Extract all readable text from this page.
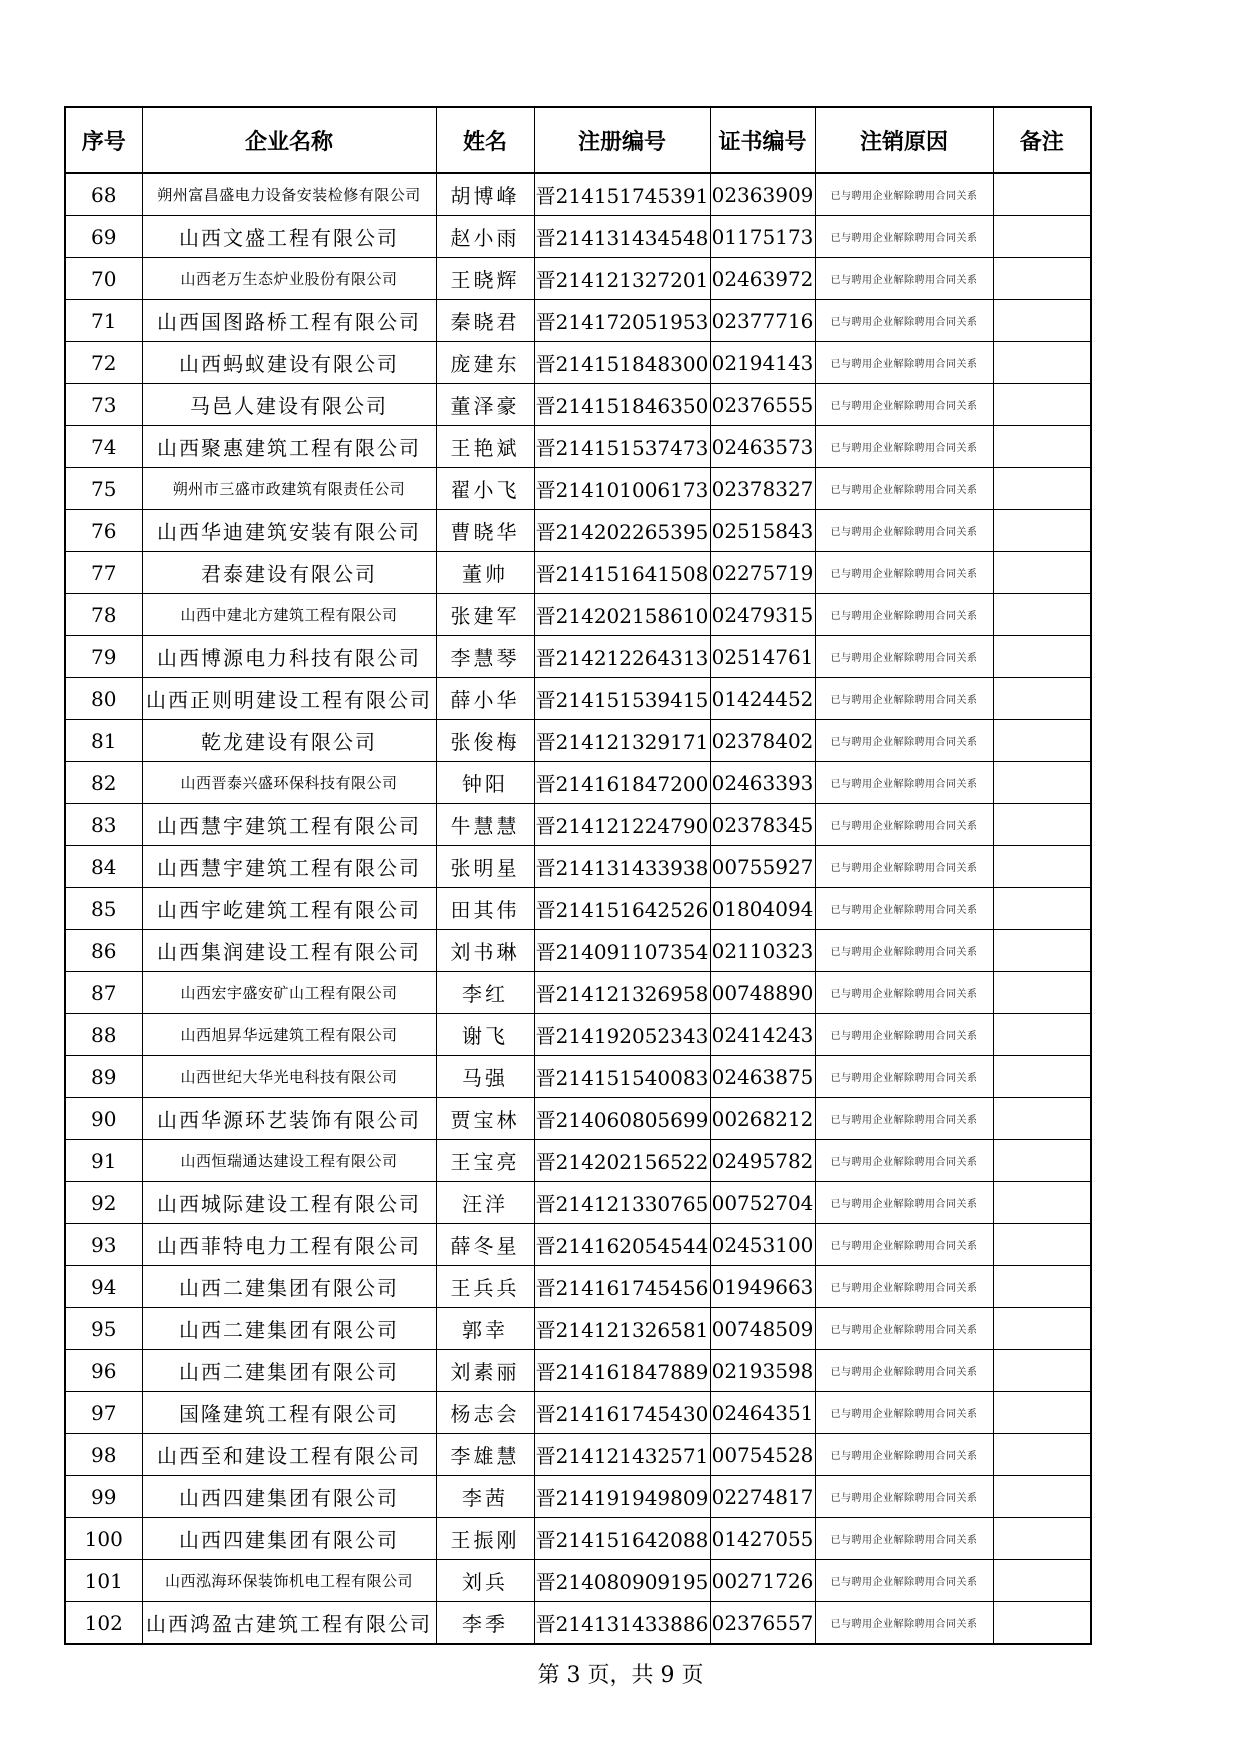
序号	企业名称	姓名	注册编号	证书编号	注销原因	备注
68	朔州富昌盛电力设备安装检修有限公司	胡博峰	晋214151745391	02363909	已与聘用企业解除聘用合同关系	
69	山西文盛工程有限公司	赵小雨	晋214131434548	01175173	已与聘用企业解除聘用合同关系	
70	山西老万生态炉业股份有限公司	王晓辉	晋214121327201	02463972	已与聘用企业解除聘用合同关系	
71	山西国图路桥工程有限公司	秦晓君	晋214172051953	02377716	已与聘用企业解除聘用合同关系	
72	山西蚂蚁建设有限公司	庞建东	晋214151848300	02194143	已与聘用企业解除聘用合同关系	
73	马邑人建设有限公司	董泽豪	晋214151846350	02376555	已与聘用企业解除聘用合同关系	
74	山西聚惠建筑工程有限公司	王艳斌	晋214151537473	02463573	已与聘用企业解除聘用合同关系	
75	朔州市三盛市政建筑有限责任公司	翟小飞	晋214101006173	02378327	已与聘用企业解除聘用合同关系	
76	山西华迪建筑安装有限公司	曹晓华	晋214202265395	02515843	已与聘用企业解除聘用合同关系	
77	君泰建设有限公司	董帅	晋214151641508	02275719	已与聘用企业解除聘用合同关系	
78	山西中建北方建筑工程有限公司	张建军	晋214202158610	02479315	已与聘用企业解除聘用合同关系	
79	山西博源电力科技有限公司	李慧琴	晋214212264313	02514761	已与聘用企业解除聘用合同关系	
80	山西正则明建设工程有限公司	薛小华	晋214151539415	01424452	已与聘用企业解除聘用合同关系	
81	乾龙建设有限公司	张俊梅	晋214121329171	02378402	已与聘用企业解除聘用合同关系	
82	山西晋泰兴盛环保科技有限公司	钟阳	晋214161847200	02463393	已与聘用企业解除聘用合同关系	
83	山西慧宇建筑工程有限公司	牛慧慧	晋214121224790	02378345	已与聘用企业解除聘用合同关系	
84	山西慧宇建筑工程有限公司	张明星	晋214131433938	00755927	已与聘用企业解除聘用合同关系	
85	山西宇屹建筑工程有限公司	田其伟	晋214151642526	01804094	已与聘用企业解除聘用合同关系	
86	山西集润建设工程有限公司	刘书琳	晋214091107354	02110323	已与聘用企业解除聘用合同关系	
87	山西宏宇盛安矿山工程有限公司	李红	晋214121326958	00748890	已与聘用企业解除聘用合同关系	
88	山西旭昇华远建筑工程有限公司	谢飞	晋214192052343	02414243	已与聘用企业解除聘用合同关系	
89	山西世纪大华光电科技有限公司	马强	晋214151540083	02463875	已与聘用企业解除聘用合同关系	
90	山西华源环艺装饰有限公司	贾宝林	晋214060805699	00268212	已与聘用企业解除聘用合同关系	
91	山西恒瑞通达建设工程有限公司	王宝亮	晋214202156522	02495782	已与聘用企业解除聘用合同关系	
92	山西城际建设工程有限公司	汪洋	晋214121330765	00752704	已与聘用企业解除聘用合同关系	
93	山西菲特电力工程有限公司	薛冬星	晋214162054544	02453100	已与聘用企业解除聘用合同关系	
94	山西二建集团有限公司	王兵兵	晋214161745456	01949663	已与聘用企业解除聘用合同关系	
95	山西二建集团有限公司	郭幸	晋214121326581	00748509	已与聘用企业解除聘用合同关系	
96	山西二建集团有限公司	刘素丽	晋214161847889	02193598	已与聘用企业解除聘用合同关系	
97	国隆建筑工程有限公司	杨志会	晋214161745430	02464351	已与聘用企业解除聘用合同关系	
98	山西至和建设工程有限公司	李雄慧	晋214121432571	00754528	已与聘用企业解除聘用合同关系	
99	山西四建集团有限公司	李茜	晋214191949809	02274817	已与聘用企业解除聘用合同关系	
100	山西四建集团有限公司	王振刚	晋214151642088	01427055	已与聘用企业解除聘用合同关系	
101	山西泓海环保装饰机电工程有限公司	刘兵	晋214080909195	00271726	已与聘用企业解除聘用合同关系	
102	山西鸿盈古建筑工程有限公司	李季	晋214131433886	02376557	已与聘用企业解除聘用合同关系	
第 3 页，共 9 页
